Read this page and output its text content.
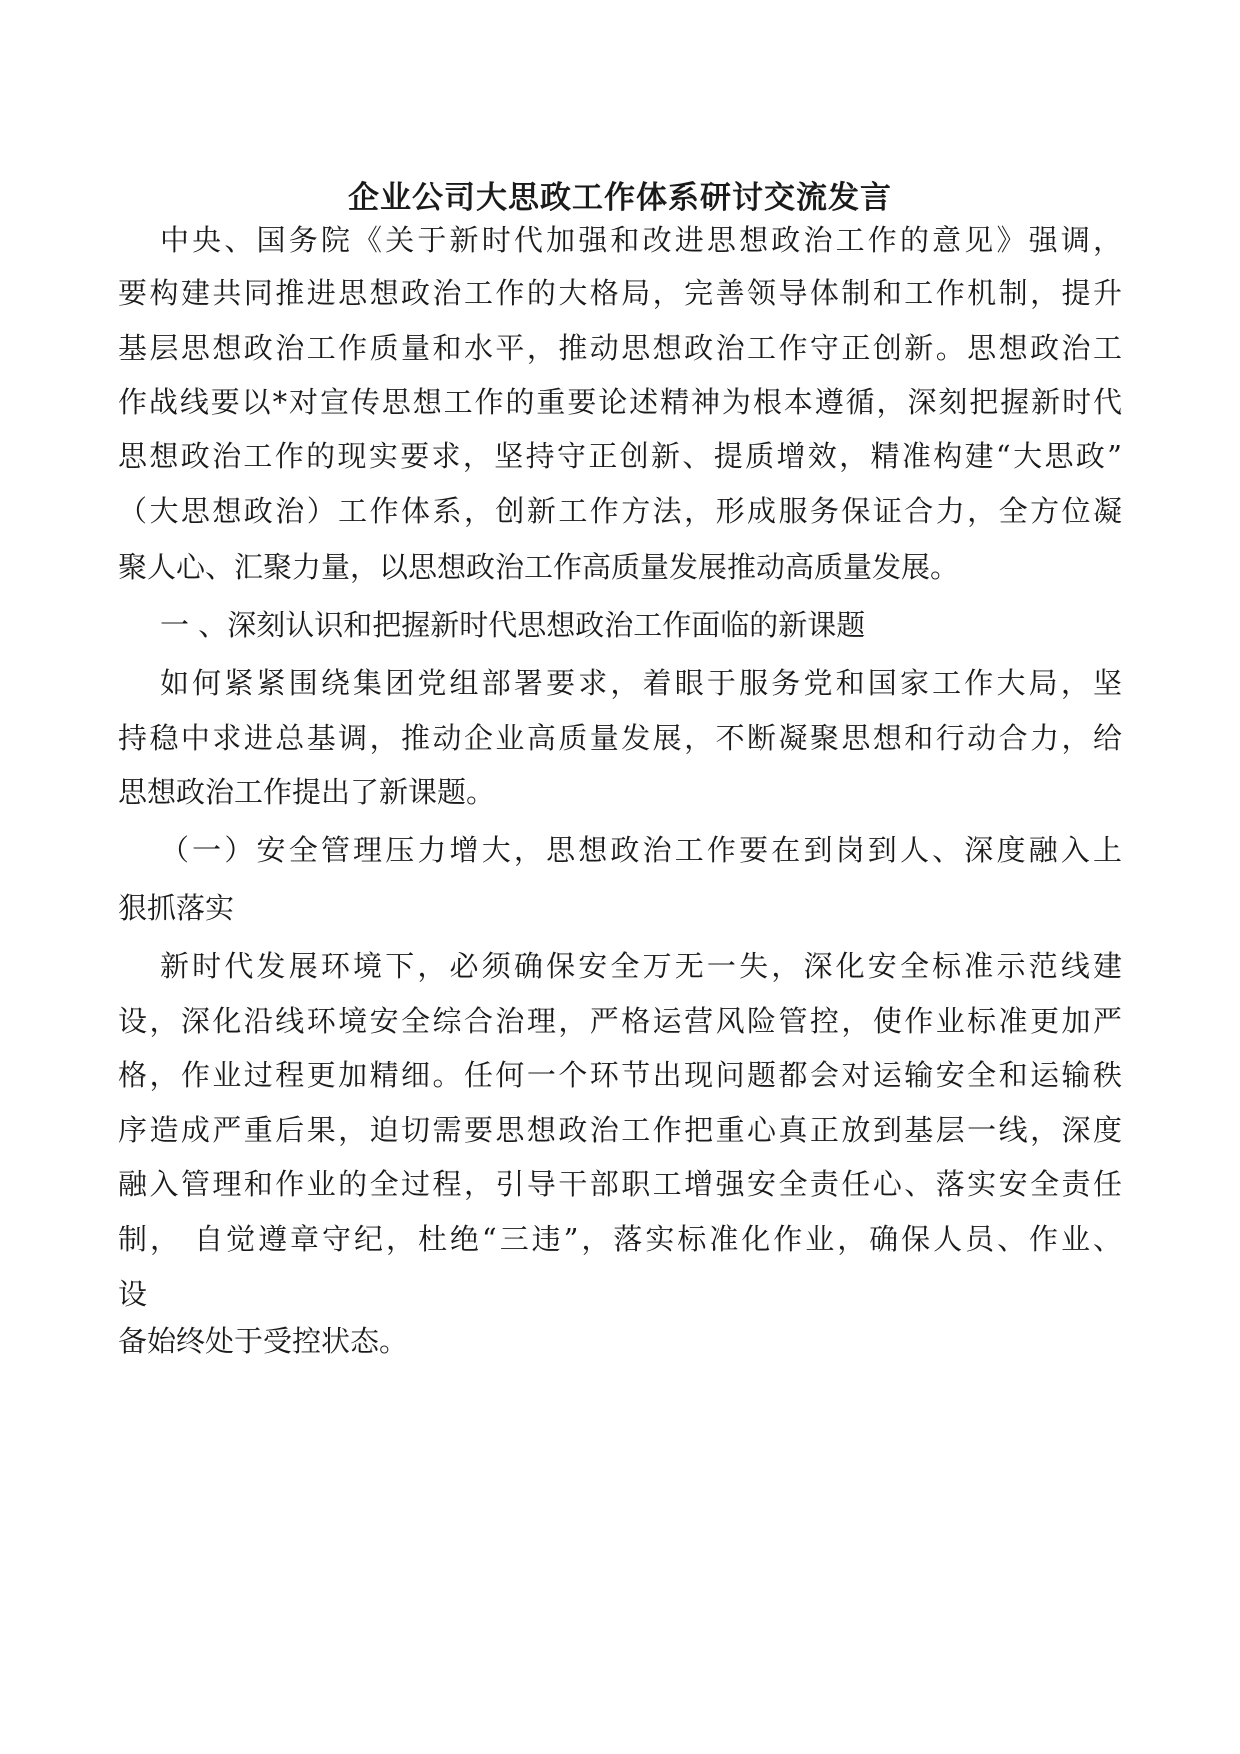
企业公司大思政工作体系研讨交流发言
中央、国务院《关于新时代加强和改进思想政治工作的意见》强调，
要构建共同推进思想政治工作的大格局，完善领导体制和工作机制，提升
基层思想政治工作质量和水平，推动思想政治工作守正创新。思想政治工
作战线要以*对宣传思想工作的重要论述精神为根本遵循，深刻把握新时代
思想政治工作的现实要求，坚持守正创新、提质增效，精准构建“大思政”
（大思想政治）工作体系，创新工作方法，形成服务保证合力，全方位凝
聚人心、汇聚力量，以思想政治工作高质量发展推动高质量发展。
一 、深刻认识和把握新时代思想政治工作面临的新课题
如何紧紧围绕集团党组部署要求，着眼于服务党和国家工作大局，坚
持稳中求进总基调，推动企业高质量发展，不断凝聚思想和行动合力，给
思想政治工作提出了新课题。
（一）安全管理压力增大，思想政治工作要在到岗到人、深度融入上
狠抓落实
新时代发展环境下，必须确保安全万无一失，深化安全标准示范线建
设，深化沿线环境安全综合治理，严格运营风险管控，使作业标准更加严
格，作业过程更加精细。任何一个环节出现问题都会对运输安全和运输秩
序造成严重后果，迫切需要思想政治工作把重心真正放到基层一线，深度
融入管理和作业的全过程，引导干部职工增强安全责任心、落实安全责任
制， 自觉遵章守纪，杜绝“三违”，落实标准化作业，确保人员、作业、
设
备始终处于受控状态。
